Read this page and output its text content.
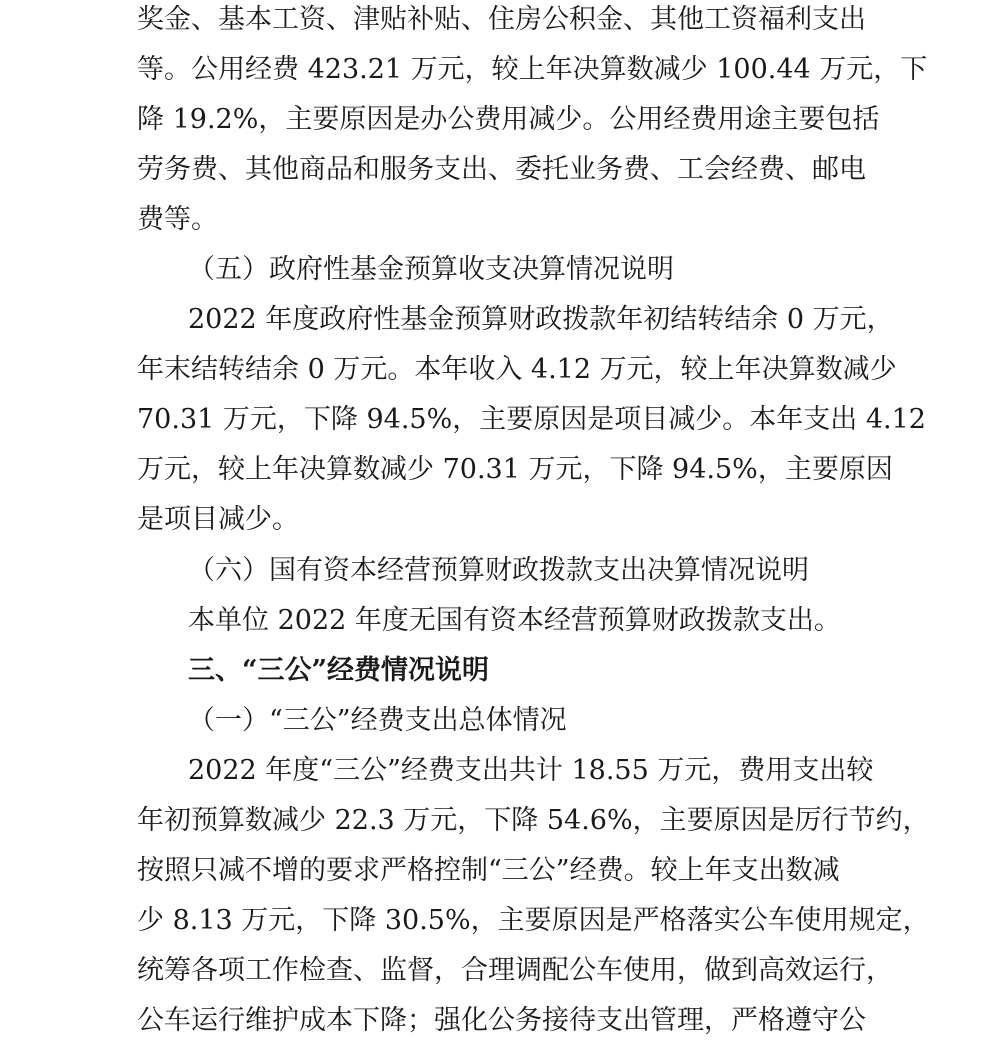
奖金、基本工资、津贴补贴、住房公积金、其他工资福利支出
等。公用经费 423.21 万元，较上年决算数减少 100.44 万元，下
降 19.2%，主要原因是办公费用减少。公用经费用途主要包括
劳务费、其他商品和服务支出、委托业务费、工会经费、邮电
费等。
（五）政府性基金预算收支决算情况说明
2022 年度政府性基金预算财政拨款年初结转结余 0 万元，
年末结转结余 0 万元。本年收入 4.12 万元，较上年决算数减少
70.31 万元，下降 94.5%，主要原因是项目减少。本年支出 4.12
万元，较上年决算数减少 70.31 万元，下降 94.5%，主要原因
是项目减少。
（六）国有资本经营预算财政拨款支出决算情况说明
本单位 2022 年度无国有资本经营预算财政拨款支出。
三、“三公”经费情况说明
（一）“三公”经费支出总体情况
2022 年度“三公”经费支出共计 18.55 万元，费用支出较
年初预算数减少 22.3 万元，下降 54.6%，主要原因是厉行节约，
按照只减不增的要求严格控制“三公”经费。较上年支出数减
少 8.13 万元，下降 30.5%，主要原因是严格落实公车使用规定，
统筹各项工作检查、监督，合理调配公车使用，做到高效运行，
公车运行维护成本下降；强化公务接待支出管理，严格遵守公
